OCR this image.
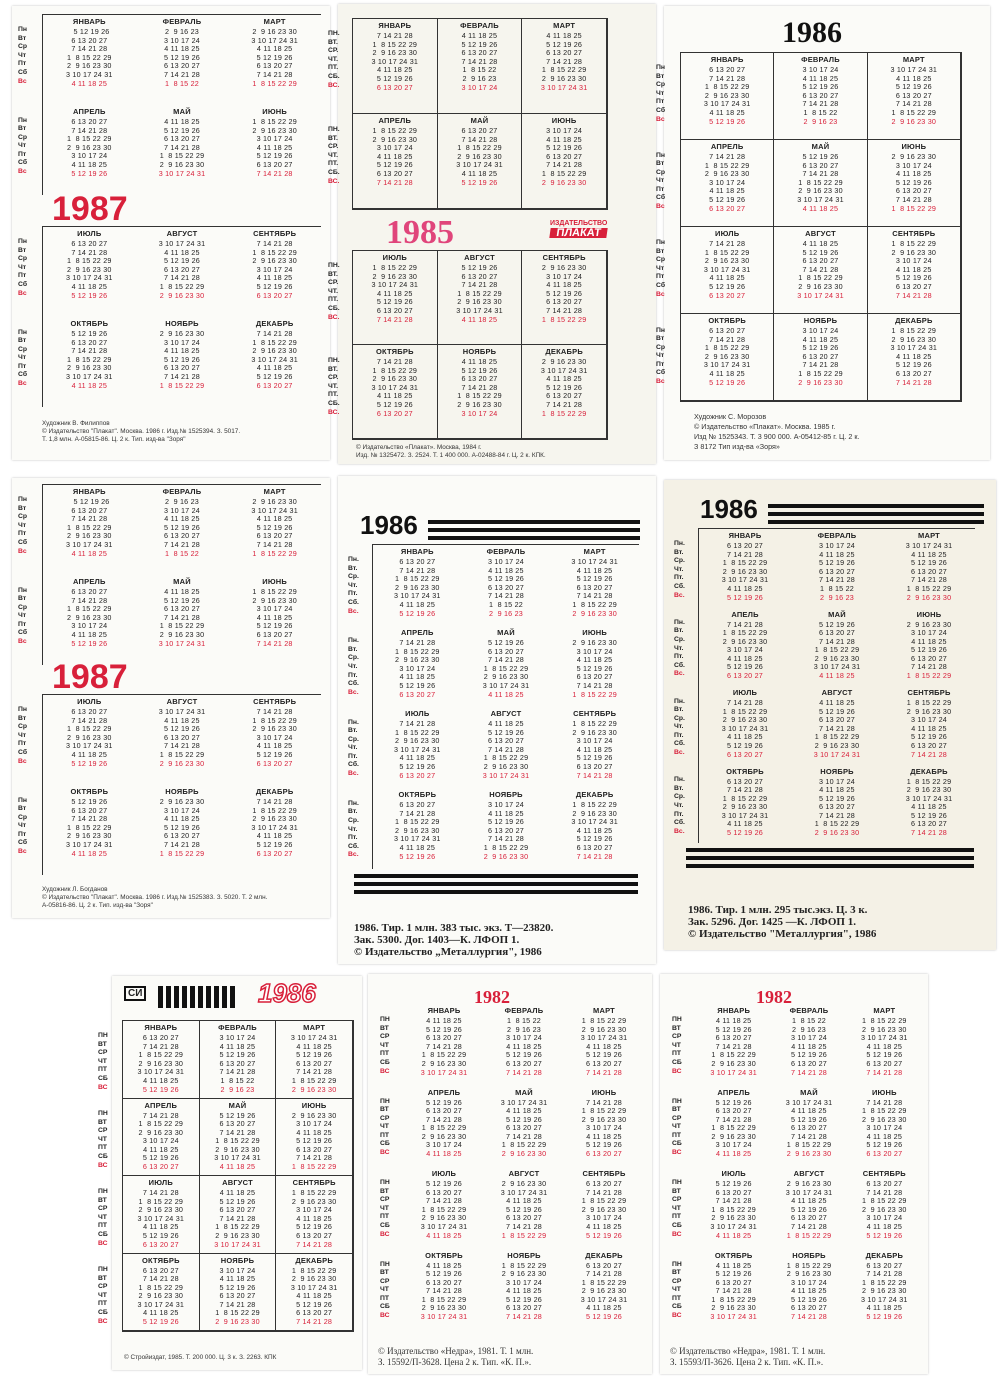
ЯНВАРЬ
5 12 19 26
6 13 20 27
7 14 21 28
1  8 15 22 29
2  9 16 23 30
3 10 17 24 31
4 11 18 25
ФЕВРАЛЬ
2  9 16 23
3 10 17 24
4 11 18 25
5 12 19 26
6 13 20 27
7 14 21 28
1  8 15 22
МАРТ
2  9 16 23 30
3 10 17 24 31
4 11 18 25
5 12 19 26
6 13 20 27
7 14 21 28
1  8 15 22 29
АПРЕЛЬ
6 13 20 27
7 14 21 28
1  8 15 22 29
2  9 16 23 30
3 10 17 24
4 11 18 25
5 12 19 26
МАЙ
4 11 18 25
5 12 19 26
6 13 20 27
7 14 21 28
1  8 15 22 29
2  9 16 23 30
3 10 17 24 31
ИЮНЬ
1  8 15 22 29
2  9 16 23 30
3 10 17 24
4 11 18 25
5 12 19 26
6 13 20 27
7 14 21 28
1987
ИЮЛЬ
6 13 20 27
7 14 21 28
1  8 15 22 29
2  9 16 23 30
3 10 17 24 31
4 11 18 25
5 12 19 26
АВГУСТ
3 10 17 24 31
4 11 18 25
5 12 19 26
6 13 20 27
7 14 21 28
1  8 15 22 29
2  9 16 23 30
СЕНТЯБРЬ
7 14 21 28
1  8 15 22 29
2  9 16 23 30
3 10 17 24
4 11 18 25
5 12 19 26
6 13 20 27
ОКТЯБРЬ
5 12 19 26
6 13 20 27
7 14 21 28
1  8 15 22 29
2  9 16 23 30
3 10 17 24 31
4 11 18 25
НОЯБРЬ
2  9 16 23 30
3 10 17 24
4 11 18 25
5 12 19 26
6 13 20 27
7 14 21 28
1  8 15 22 29
ДЕКАБРЬ
7 14 21 28
1  8 15 22 29
2  9 16 23 30
3 10 17 24 31
4 11 18 25
5 12 19 26
6 13 20 27
Художник В. Филиппов
© Издательство "Плакат". Москва. 1986 г. Изд.№ 1525394. З. 5017.
Т. 1,8 млн. А-05815-86. Ц. 2 к. Тип. изд-ва "Зоря"
Пн
Вт
Ср
Чт
Пт
Сб
Вс
Пн
Вт
Ср
Чт
Пт
Сб
Вс
Пн
Вт
Ср
Чт
Пт
Сб
Вс
Пн
Вт
Ср
Чт
Пт
Сб
Вс
ЯНВАРЬ
7 14 21 28
1  8 15 22 29
2  9 16 23 30
3 10 17 24 31
4 11 18 25
5 12 19 26
6 13 20 27
ФЕВРАЛЬ
4 11 18 25
5 12 19 26
6 13 20 27
7 14 21 28
1  8 15 22
2  9 16 23
3 10 17 24
МАРТ
4 11 18 25
5 12 19 26
6 13 20 27
7 14 21 28
1  8 15 22 29
2  9 16 23 30
3 10 17 24 31
АПРЕЛЬ
1  8 15 22 29
2  9 16 23 30
3 10 17 24
4 11 18 25
5 12 19 26
6 13 20 27
7 14 21 28
МАЙ
6 13 20 27
7 14 21 28
1  8 15 22 29
2  9 16 23 30
3 10 17 24 31
4 11 18 25
5 12 19 26
ИЮНЬ
3 10 17 24
4 11 18 25
5 12 19 26
6 13 20 27
7 14 21 28
1  8 15 22 29
2  9 16 23 30
1985	ИЗДАТЕЛЬСТВО
ПЛАКАТ
ИЮЛЬ
1  8 15 22 29
2  9 16 23 30
3 10 17 24 31
4 11 18 25
5 12 19 26
6 13 20 27
7 14 21 28
АВГУСТ
5 12 19 26
6 13 20 27
7 14 21 28
1  8 15 22 29
2  9 16 23 30
3 10 17 24 31
4 11 18 25
СЕНТЯБРЬ
2  9 16 23 30
3 10 17 24
4 11 18 25
5 12 19 26
6 13 20 27
7 14 21 28
1  8 15 22 29
ОКТЯБРЬ
7 14 21 28
1  8 15 22 29
2  9 16 23 30
3 10 17 24 31
4 11 18 25
5 12 19 26
6 13 20 27
НОЯБРЬ
4 11 18 25
5 12 19 26
6 13 20 27
7 14 21 28
1  8 15 22 29
2  9 16 23 30
3 10 17 24
ДЕКАБРЬ
2  9 16 23 30
3 10 17 24 31
4 11 18 25
5 12 19 26
6 13 20 27
7 14 21 28
1  8 15 22 29
© Издательство «Плакат». Москва, 1984 г.
Изд. № 1325472. З. 2524. Т. 1 400 000. А-02488-84 г. Ц. 2 к. КПК.
ПН.
ВТ.
СР.
ЧТ.
ПТ.
СБ.
ВС.
ПН.
ВТ.
СР.
ЧТ.
ПТ.
СБ.
ВС.
ПН.
ВТ.
СР.
ЧТ.
ПТ.
СБ.
ВС.
ПН.
ВТ.
СР.
ЧТ.
ПТ.
СБ.
ВС.
1986
ЯНВАРЬ
6 13 20 27
7 14 21 28
1  8 15 22 29
2  9 16 23 30
3 10 17 24 31
4 11 18 25
5 12 19 26
ФЕВРАЛЬ
3 10 17 24
4 11 18 25
5 12 19 26
6 13 20 27
7 14 21 28
1  8 15 22
2  9 16 23
МАРТ
3 10 17 24 31
4 11 18 25
5 12 19 26
6 13 20 27
7 14 21 28
1  8 15 22 29
2  9 16 23 30
АПРЕЛЬ
7 14 21 28
1  8 15 22 29
2  9 16 23 30
3 10 17 24
4 11 18 25
5 12 19 26
6 13 20 27
МАЙ
5 12 19 26
6 13 20 27
7 14 21 28
1  8 15 22 29
2  9 16 23 30
3 10 17 24 31
4 11 18 25
ИЮНЬ
2  9 16 23 30
3 10 17 24
4 11 18 25
5 12 19 26
6 13 20 27
7 14 21 28
1  8 15 22 29
ИЮЛЬ
7 14 21 28
1  8 15 22 29
2  9 16 23 30
3 10 17 24 31
4 11 18 25
5 12 19 26
6 13 20 27
АВГУСТ
4 11 18 25
5 12 19 26
6 13 20 27
7 14 21 28
1  8 15 22 29
2  9 16 23 30
3 10 17 24 31
СЕНТЯБРЬ
1  8 15 22 29
2  9 16 23 30
3 10 17 24
4 11 18 25
5 12 19 26
6 13 20 27
7 14 21 28
ОКТЯБРЬ
6 13 20 27
7 14 21 28
1  8 15 22 29
2  9 16 23 30
3 10 17 24 31
4 11 18 25
5 12 19 26
НОЯБРЬ
3 10 17 24
4 11 18 25
5 12 19 26
6 13 20 27
7 14 21 28
1  8 15 22 29
2  9 16 23 30
ДЕКАБРЬ
1  8 15 22 29
2  9 16 23 30
3 10 17 24 31
4 11 18 25
5 12 19 26
6 13 20 27
7 14 21 28
Художник С. Морозов
© Издательство «Плакат». Москва. 1985 г.
Изд № 1525343. Т. 3 900 000. А-05412-85 г. Ц. 2 к.
З 8172 Тип изд-ва «Зоря»
Пн
Вт
Ср
Чт
Пт
Сб
Вс
Пн
Вт
Ср
Чт
Пт
Сб
Вс
Пн
Вт
Ср
Чт
Пт
Сб
Вс
Пн
Вт
Ср
Чт
Пт
Сб
Вс
ЯНВАРЬ
5 12 19 26
6 13 20 27
7 14 21 28
1  8 15 22 29
2  9 16 23 30
3 10 17 24 31
4 11 18 25
ФЕВРАЛЬ
2  9 16 23
3 10 17 24
4 11 18 25
5 12 19 26
6 13 20 27
7 14 21 28
1  8 15 22
МАРТ
2  9 16 23 30
3 10 17 24 31
4 11 18 25
5 12 19 26
6 13 20 27
7 14 21 28
1  8 15 22 29
АПРЕЛЬ
6 13 20 27
7 14 21 28
1  8 15 22 29
2  9 16 23 30
3 10 17 24
4 11 18 25
5 12 19 26
МАЙ
4 11 18 25
5 12 19 26
6 13 20 27
7 14 21 28
1  8 15 22 29
2  9 16 23 30
3 10 17 24 31
ИЮНЬ
1  8 15 22 29
2  9 16 23 30
3 10 17 24
4 11 18 25
5 12 19 26
6 13 20 27
7 14 21 28
1987
ИЮЛЬ
6 13 20 27
7 14 21 28
1  8 15 22 29
2  9 16 23 30
3 10 17 24 31
4 11 18 25
5 12 19 26
АВГУСТ
3 10 17 24 31
4 11 18 25
5 12 19 26
6 13 20 27
7 14 21 28
1  8 15 22 29
2  9 16 23 30
СЕНТЯБРЬ
7 14 21 28
1  8 15 22 29
2  9 16 23 30
3 10 17 24
4 11 18 25
5 12 19 26
6 13 20 27
ОКТЯБРЬ
5 12 19 26
6 13 20 27
7 14 21 28
1  8 15 22 29
2  9 16 23 30
3 10 17 24 31
4 11 18 25
НОЯБРЬ
2  9 16 23 30
3 10 17 24
4 11 18 25
5 12 19 26
6 13 20 27
7 14 21 28
1  8 15 22 29
ДЕКАБРЬ
7 14 21 28
1  8 15 22 29
2  9 16 23 30
3 10 17 24 31
4 11 18 25
5 12 19 26
6 13 20 27
Художник Л. Богданов
© Издательство "Плакат". Москва. 1986 г. Изд.№ 1525383. З. 5020. Т. 2 млн.
А-05816-86. Ц. 2 к. Тип. изд-ва "Зоря"
Пн
Вт
Ср
Чт
Пт
Сб
Вс
Пн
Вт
Ср
Чт
Пт
Сб
Вс
Пн
Вт
Ср
Чт
Пт
Сб
Вс
Пн
Вт
Ср
Чт
Пт
Сб
Вс
1986
ЯНВАРЬ
6 13 20 27
7 14 21 28
1  8 15 22 29
2  9 16 23 30
3 10 17 24 31
4 11 18 25
5 12 19 26
ФЕВРАЛЬ
3 10 17 24
4 11 18 25
5 12 19 26
6 13 20 27
7 14 21 28
1  8 15 22
2  9 16 23
МАРТ
3 10 17 24 31
4 11 18 25
5 12 19 26
6 13 20 27
7 14 21 28
1  8 15 22 29
2  9 16 23 30
АПРЕЛЬ
7 14 21 28
1  8 15 22 29
2  9 16 23 30
3 10 17 24
4 11 18 25
5 12 19 26
6 13 20 27
МАЙ
5 12 19 26
6 13 20 27
7 14 21 28
1  8 15 22 29
2  9 16 23 30
3 10 17 24 31
4 11 18 25
ИЮНЬ
2  9 16 23 30
3 10 17 24
4 11 18 25
5 12 19 26
6 13 20 27
7 14 21 28
1  8 15 22 29
ИЮЛЬ
7 14 21 28
1  8 15 22 29
2  9 16 23 30
3 10 17 24 31
4 11 18 25
5 12 19 26
6 13 20 27
АВГУСТ
4 11 18 25
5 12 19 26
6 13 20 27
7 14 21 28
1  8 15 22 29
2  9 16 23 30
3 10 17 24 31
СЕНТЯБРЬ
1  8 15 22 29
2  9 16 23 30
3 10 17 24
4 11 18 25
5 12 19 26
6 13 20 27
7 14 21 28
ОКТЯБРЬ
6 13 20 27
7 14 21 28
1  8 15 22 29
2  9 16 23 30
3 10 17 24 31
4 11 18 25
5 12 19 26
НОЯБРЬ
3 10 17 24
4 11 18 25
5 12 19 26
6 13 20 27
7 14 21 28
1  8 15 22 29
2  9 16 23 30
ДЕКАБРЬ
1  8 15 22 29
2  9 16 23 30
3 10 17 24 31
4 11 18 25
5 12 19 26
6 13 20 27
7 14 21 28
1986. Тир. 1 млн. 383 тыс. экз. Т—23820.
Зак. 5300. Дог. 1403—К. ЛФОП 1.
© Издательство „Металлургия", 1986
Пн.
Вт.
Ср.
Чт.
Пт.
Сб.
Вс.
Пн.
Вт.
Ср.
Чт.
Пт.
Сб.
Вс.
Пн.
Вт.
Ср.
Чт.
Пт.
Сб.
Вс.
Пн.
Вт.
Ср.
Чт.
Пт.
Сб.
Вс.
1986
ЯНВАРЬ
6 13 20 27
7 14 21 28
1  8 15 22 29
2  9 16 23 30
3 10 17 24 31
4 11 18 25
5 12 19 26
ФЕВРАЛЬ
3 10 17 24
4 11 18 25
5 12 19 26
6 13 20 27
7 14 21 28
1  8 15 22
2  9 16 23
МАРТ
3 10 17 24 31
4 11 18 25
5 12 19 26
6 13 20 27
7 14 21 28
1  8 15 22 29
2  9 16 23 30
АПЕЛЬ
7 14 21 28
1  8 15 22 29
2  9 16 23 30
3 10 17 24
4 11 18 25
5 12 19 26
6 13 20 27
МАЙ
5 12 19 26
6 13 20 27
7 14 21 28
1  8 15 22 29
2  9 16 23 30
3 10 17 24 31
4 11 18 25
ИЮНЬ
2  9 16 23 30
3 10 17 24
4 11 18 25
5 12 19 26
6 13 20 27
7 14 21 28
1  8 15 22 29
ИЮЛЬ
7 14 21 28
1  8 15 22 29
2  9 16 23 30
3 10 17 24 31
4 11 18 25
5 12 19 26
6 13 20 27
АВГУСТ
4 11 18 25
5 12 19 26
6 13 20 27
7 14 21 28
1  8 15 22 29
2  9 16 23 30
3 10 17 24 31
СЕНТЯБРЬ
1  8 15 22 29
2  9 16 23 30
3 10 17 24
4 11 18 25
5 12 19 26
6 13 20 27
7 14 21 28
ОКТЯБРЬ
6 13 20 27
7 14 21 28
1  8 15 22 29
2  9 16 23 30
3 10 17 24 31
4 11 18 25
5 12 19 26
НОЯБРЬ
3 10 17 24
4 11 18 25
5 12 19 26
6 13 20 27
7 14 21 28
1  8 15 22 29
2  9 16 23 30
ДЕКАБРЬ
1  8 15 22 29
2  9 16 23 30
3 10 17 24 31
4 11 18 25
5 12 19 26
6 13 20 27
7 14 21 28
1986. Тир. 1 млн. 295 тыс.экз. Ц. 3 к.
Зак. 5296. Дог. 1425 —К. ЛФОП 1.
© Издательство "Металлургия", 1986
Пн.
Вт.
Ср.
Чт.
Пт.
Сб.
Вс.
Пн.
Вт.
Ср.
Чт.
Пт.
Сб.
Вс.
Пн.
Вт.
Ср.
Чт.
Пт.
Сб.
Вс.
Пн.
Вт.
Ср.
Чт.
Пт.
Сб.
Вс.
СИ	1986
ЯНВАРЬ
6 13 20 27
7 14 21 28
1  8 15 22 29
2  9 16 23 30
3 10 17 24 31
4 11 18 25
5 12 19 26
ФЕВРАЛЬ
3 10 17 24
4 11 18 25
5 12 19 26
6 13 20 27
7 14 21 28
1  8 15 22
2  9 16 23
МАРТ
3 10 17 24 31
4 11 18 25
5 12 19 26
6 13 20 27
7 14 21 28
1  8 15 22 29
2  9 16 23 30
АПРЕЛЬ
7 14 21 28
1  8 15 22 29
2  9 16 23 30
3 10 17 24
4 11 18 25
5 12 19 26
6 13 20 27
МАЙ
5 12 19 26
6 13 20 27
7 14 21 28
1  8 15 22 29
2  9 16 23 30
3 10 17 24 31
4 11 18 25
ИЮНЬ
2  9 16 23 30
3 10 17 24
4 11 18 25
5 12 19 26
6 13 20 27
7 14 21 28
1  8 15 22 29
ИЮЛЬ
7 14 21 28
1  8 15 22 29
2  9 16 23 30
3 10 17 24 31
4 11 18 25
5 12 19 26
6 13 20 27
АВГУСТ
4 11 18 25
5 12 19 26
6 13 20 27
7 14 21 28
1  8 15 22 29
2  9 16 23 30
3 10 17 24 31
СЕНТЯБРЬ
1  8 15 22 29
2  9 16 23 30
3 10 17 24
4 11 18 25
5 12 19 26
6 13 20 27
7 14 21 28
ОКТЯБРЬ
6 13 20 27
7 14 21 28
1  8 15 22 29
2  9 16 23 30
3 10 17 24 31
4 11 18 25
5 12 19 26
НОЯБРЬ
3 10 17 24
4 11 18 25
5 12 19 26
6 13 20 27
7 14 21 28
1  8 15 22 29
2  9 16 23 30
ДЕКАБРЬ
1  8 15 22 29
2  9 16 23 30
3 10 17 24 31
4 11 18 25
5 12 19 26
6 13 20 27
7 14 21 28
© Стройиздат, 1985. Т. 200 000. Ц. 3 к. З. 2263. КПК
ПН
ВТ
СР
ЧТ
ПТ
СБ
ВС
ПН
ВТ
СР
ЧТ
ПТ
СБ
ВС
ПН
ВТ
СР
ЧТ
ПТ
СБ
ВС
ПН
ВТ
СР
ЧТ
ПТ
СБ
ВС
1982
ЯНВАРЬ
4 11 18 25
5 12 19 26
6 13 20 27
7 14 21 28
1  8 15 22 29
2  9 16 23 30
3 10 17 24 31
ФЕВРАЛЬ
1  8 15 22
2  9 16 23
3 10 17 24
4 11 18 25
5 12 19 26
6 13 20 27
7 14 21 28
МАРТ
1  8 15 22 29
2  9 16 23 30
3 10 17 24 31
4 11 18 25
5 12 19 26
6 13 20 27
7 14 21 28
АПРЕЛЬ
5 12 19 26
6 13 20 27
7 14 21 28
1  8 15 22 29
2  9 16 23 30
3 10 17 24
4 11 18 25
МАЙ
3 10 17 24 31
4 11 18 25
5 12 19 26
6 13 20 27
7 14 21 28
1  8 15 22 29
2  9 16 23 30
ИЮНЬ
7 14 21 28
1  8 15 22 29
2  9 16 23 30
3 10 17 24
4 11 18 25
5 12 19 26
6 13 20 27
ИЮЛЬ
5 12 19 26
6 13 20 27
7 14 21 28
1  8 15 22 29
2  9 16 23 30
3 10 17 24 31
4 11 18 25
АВГУСТ
2  9 16 23 30
3 10 17 24 31
4 11 18 25
5 12 19 26
6 13 20 27
7 14 21 28
1  8 15 22 29
СЕНТЯБРЬ
6 13 20 27
7 14 21 28
1  8 15 22 29
2  9 16 23 30
3 10 17 24
4 11 18 25
5 12 19 26
ОКТЯБРЬ
4 11 18 25
5 12 19 26
6 13 20 27
7 14 21 28
1  8 15 22 29
2  9 16 23 30
3 10 17 24 31
НОЯБРЬ
1  8 15 22 29
2  9 16 23 30
3 10 17 24
4 11 18 25
5 12 19 26
6 13 20 27
7 14 21 28
ДЕКАБРЬ
6 13 20 27
7 14 21 28
1  8 15 22 29
2  9 16 23 30
3 10 17 24 31
4 11 18 25
5 12 19 26
© Издательство «Недра», 1981. Т. 1 млн.
З. 15592/П-3628. Цена 2 к. Тип. «К. П.».
ПН
ВТ
СР
ЧТ
ПТ
СБ
ВС
ПН
ВТ
СР
ЧТ
ПТ
СБ
ВС
ПН
ВТ
СР
ЧТ
ПТ
СБ
ВС
ПН
ВТ
СР
ЧТ
ПТ
СБ
ВС
1982
ЯНВАРЬ
4 11 18 25
5 12 19 26
6 13 20 27
7 14 21 28
1  8 15 22 29
2  9 16 23 30
3 10 17 24 31
ФЕВРАЛЬ
1  8 15 22
2  9 16 23
3 10 17 24
4 11 18 25
5 12 19 26
6 13 20 27
7 14 21 28
МАРТ
1  8 15 22 29
2  9 16 23 30
3 10 17 24 31
4 11 18 25
5 12 19 26
6 13 20 27
7 14 21 28
АПРЕЛЬ
5 12 19 26
6 13 20 27
7 14 21 28
1  8 15 22 29
2  9 16 23 30
3 10 17 24
4 11 18 25
МАЙ
3 10 17 24 31
4 11 18 25
5 12 19 26
6 13 20 27
7 14 21 28
1  8 15 22 29
2  9 16 23 30
ИЮНЬ
7 14 21 28
1  8 15 22 29
2  9 16 23 30
3 10 17 24
4 11 18 25
5 12 19 26
6 13 20 27
ИЮЛЬ
5 12 19 26
6 13 20 27
7 14 21 28
1  8 15 22 29
2  9 16 23 30
3 10 17 24 31
4 11 18 25
АВГУСТ
2  9 16 23 30
3 10 17 24 31
4 11 18 25
5 12 19 26
6 13 20 27
7 14 21 28
1  8 15 22 29
СЕНТЯБРЬ
6 13 20 27
7 14 21 28
1  8 15 22 29
2  9 16 23 30
3 10 17 24
4 11 18 25
5 12 19 26
ОКТЯБРЬ
4 11 18 25
5 12 19 26
6 13 20 27
7 14 21 28
1  8 15 22 29
2  9 16 23 30
3 10 17 24 31
НОЯБРЬ
1  8 15 22 29
2  9 16 23 30
3 10 17 24
4 11 18 25
5 12 19 26
6 13 20 27
7 14 21 28
ДЕКАБРЬ
6 13 20 27
7 14 21 28
1  8 15 22 29
2  9 16 23 30
3 10 17 24 31
4 11 18 25
5 12 19 26
© Издательство «Недра», 1981. Т. 1 млн.
З. 15593/П-3626. Цена 2 к. Тип. «К. П.».
ПН
ВТ
СР
ЧТ
ПТ
СБ
ВС
ПН
ВТ
СР
ЧТ
ПТ
СБ
ВС
ПН
ВТ
СР
ЧТ
ПТ
СБ
ВС
ПН
ВТ
СР
ЧТ
ПТ
СБ
ВС
